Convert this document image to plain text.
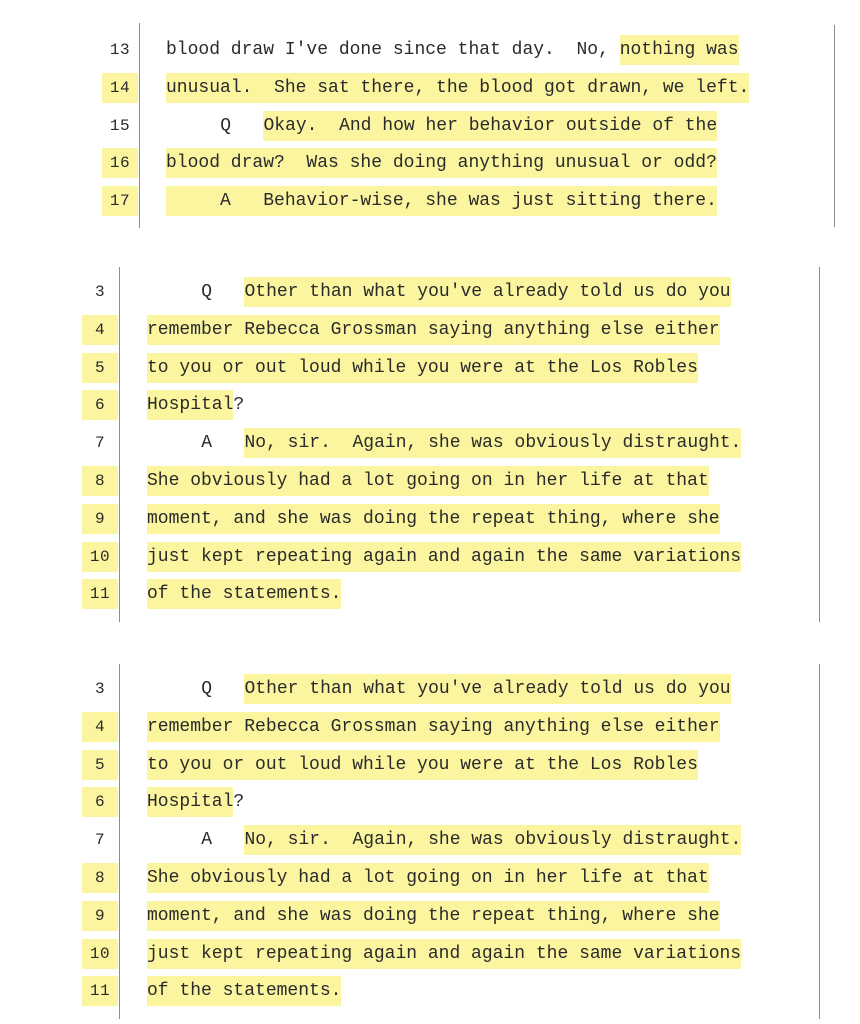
13	blood draw I've done since that day.  No, nothing was
14	unusual.  She sat there, the blood got drawn, we left.
15	Q   Okay.  And how her behavior outside of the
16	blood draw?  Was she doing anything unusual or odd?
17	A   Behavior-wise, she was just sitting there.
3	Q   Other than what you've already told us do you
4	remember Rebecca Grossman saying anything else either
5	to you or out loud while you were at the Los Robles
6	Hospital?
7	A   No, sir.  Again, she was obviously distraught.
8	She obviously had a lot going on in her life at that
9	moment, and she was doing the repeat thing, where she
10	just kept repeating again and again the same variations
11	of the statements.
3	Q   Other than what you've already told us do you
4	remember Rebecca Grossman saying anything else either
5	to you or out loud while you were at the Los Robles
6	Hospital?
7	A   No, sir.  Again, she was obviously distraught.
8	She obviously had a lot going on in her life at that
9	moment, and she was doing the repeat thing, where she
10	just kept repeating again and again the same variations
11	of the statements.
